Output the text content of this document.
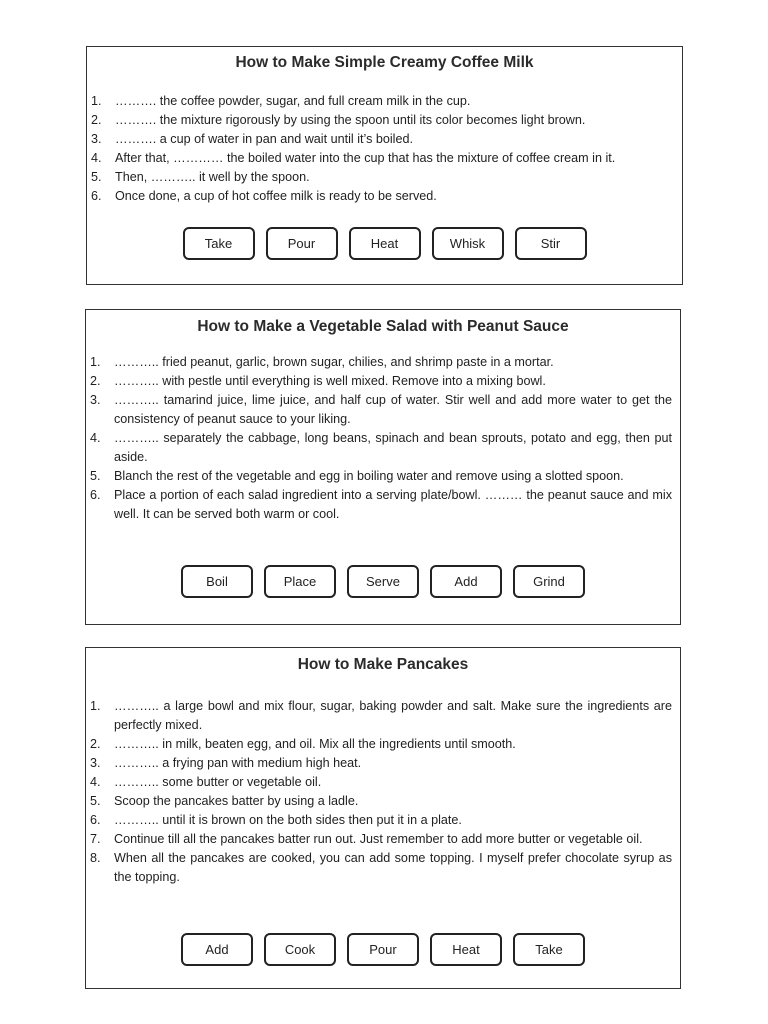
How to Make Simple Creamy Coffee Milk
1. ………. the coffee powder, sugar, and full cream milk in the cup.
2. ………. the mixture rigorously by using the spoon until its color becomes light brown.
3. ………. a cup of water in pan and wait until it’s boiled.
4. After that, ………… the boiled water into the cup that has the mixture of coffee cream in it.
5. Then, ……….. it well by the spoon.
6. Once done, a cup of hot coffee milk is ready to be served.
Take	Pour	Heat	Whisk	Stir
How to Make a Vegetable Salad with Peanut Sauce
1. ……….. fried peanut, garlic, brown sugar, chilies, and shrimp paste in a mortar.
2. ……….. with pestle until everything is well mixed. Remove into a mixing bowl.
3. ……….. tamarind juice, lime juice, and half cup of water. Stir well and add more water to get the consistency of peanut sauce to your liking.
4. ……….. separately the cabbage, long beans, spinach and bean sprouts, potato and egg, then put aside.
5. Blanch the rest of the vegetable and egg in boiling water and remove using a slotted spoon.
6. Place a portion of each salad ingredient into a serving plate/bowl. ……… the peanut sauce and mix well. It can be served both warm or cool.
Boil	Place	Serve	Add	Grind
How to Make Pancakes
1. ……….. a large bowl and mix flour, sugar, baking powder and salt. Make sure the ingredients are perfectly mixed.
2. ……….. in milk, beaten egg, and oil. Mix all the ingredients until smooth.
3. ……….. a frying pan with medium high heat.
4. ……….. some butter or vegetable oil.
5. Scoop the pancakes batter by using a ladle.
6. ……….. until it is brown on the both sides then put it in a plate.
7. Continue till all the pancakes batter run out. Just remember to add more butter or vegetable oil.
8. When all the pancakes are cooked, you can add some topping. I myself prefer chocolate syrup as the topping.
Add	Cook	Pour	Heat	Take
